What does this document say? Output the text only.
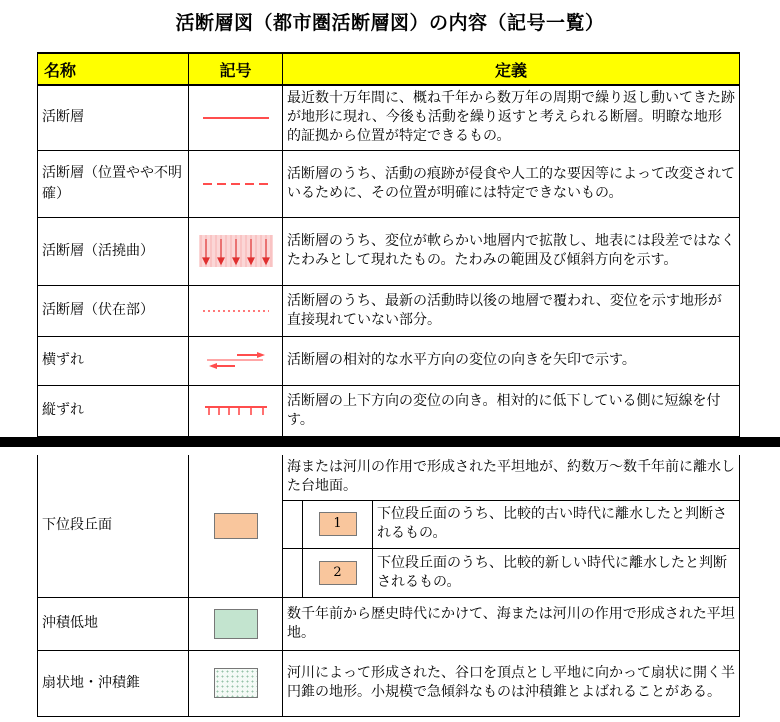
活断層図（都市圏活断層図）の内容（記号一覧）
名称	記号	定義
活断層		最近数十万年間に、概ね千年から数万年の周期で繰り返し動いてきた跡が地形に現れ、今後も活動を繰り返すと考えられる断層。明瞭な地形的証拠から位置が特定できるもの。
活断層（位置やや不明確）		活断層のうち、活動の痕跡が侵食や人工的な要因等によって改変されているために、その位置が明確には特定できないもの。
活断層（活撓曲）		活断層のうち、変位が軟らかい地層内で拡散し、地表には段差ではなくたわみとして現れたもの。たわみの範囲及び傾斜方向を示す。
活断層（伏在部）		活断層のうち、最新の活動時以後の地層で覆われ、変位を示す地形が直接現れていない部分。
横ずれ		活断層の相対的な水平方向の変位の向きを矢印で示す。
縦ずれ		活断層の上下方向の変位の向き。相対的に低下している側に短線を付す。
下位段丘面		海または河川の作用で形成された平坦地が、約数万～数千年前に離水した台地面。		
			1	下位段丘面のうち、比較的古い時代に離水したと判断されるもの。
			2	下位段丘面のうち、比較的新しい時代に離水したと判断されるもの。
沖積低地		数千年前から歴史時代にかけて、海または河川の作用で形成された平坦地。		
扇状地・沖積錐		河川によって形成された、谷口を頂点とし平地に向かって扇状に開く半円錐の地形。小規模で急傾斜なものは沖積錐とよばれることがある。		
